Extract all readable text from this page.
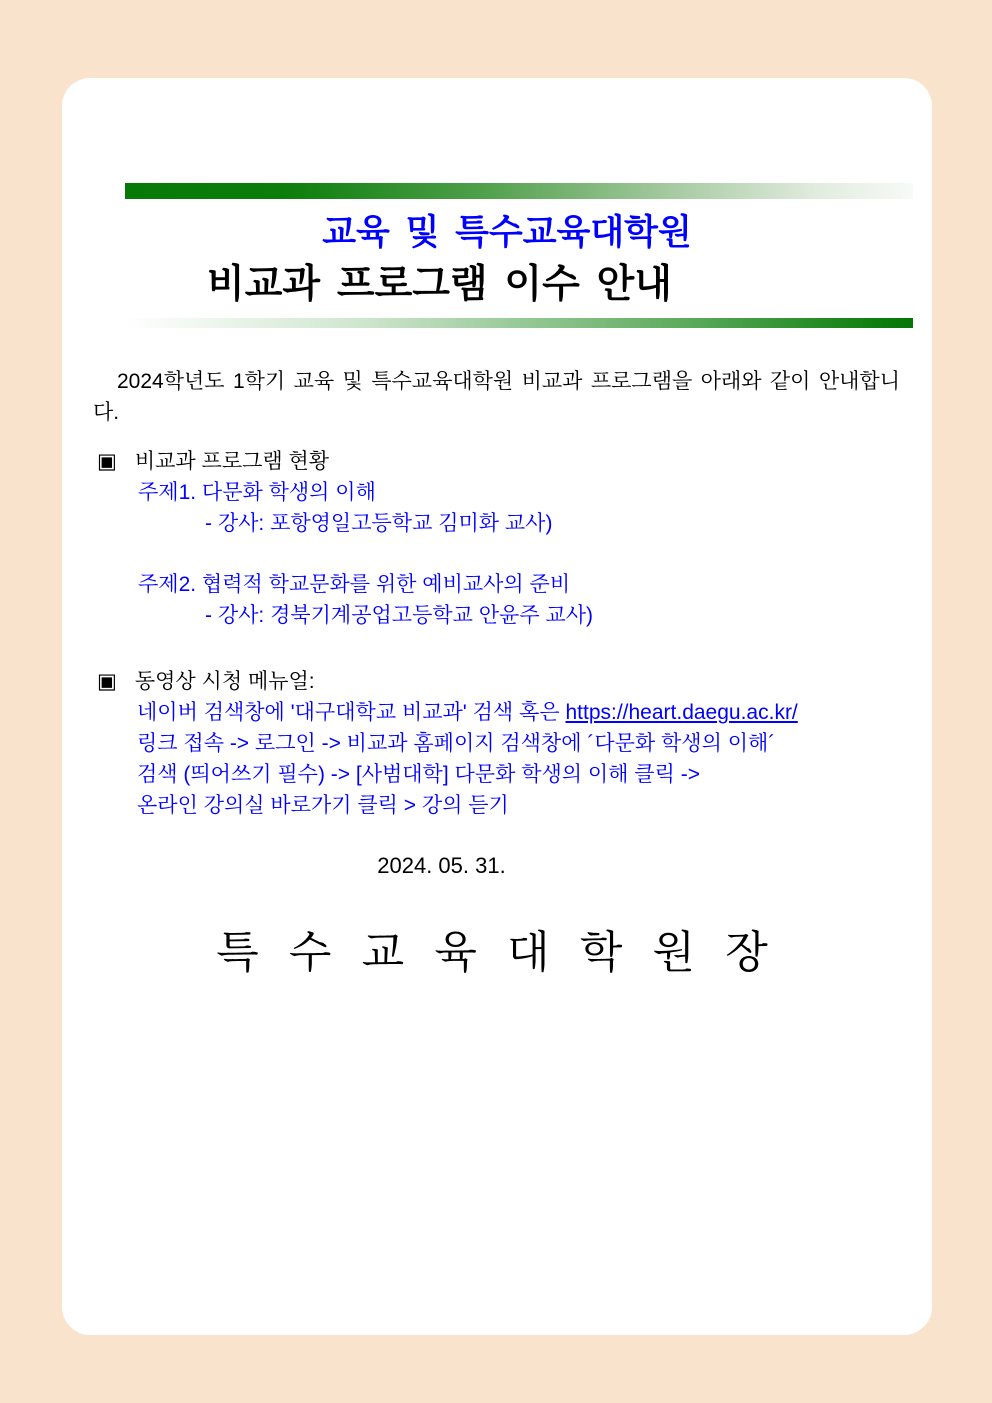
교육 및 특수교육대학원
비교과 프로그램 이수 안내

2024학년도 1학기 교육 및 특수교육대학원 비교과 프로그램을 아래와 같이 안내합니다.

▣ 비교과 프로그램 현황
주제1. 다문화 학생의 이해
- 강사: 포항영일고등학교 김미화 교사)
주제2. 협력적 학교문화를 위한 예비교사의 준비
- 강사: 경북기계공업고등학교 안윤주 교사)
▣ 동영상 시청 메뉴얼:
네이버 검색창에 '대구대학교 비교과' 검색 혹은 https://heart.daegu.ac.kr/
링크 접속 -> 로그인 -> 비교과 홈페이지 검색창에 ´다문화 학생의 이해´
검색 (띄어쓰기 필수) -> [사범대학] 다문화 학생의 이해 클릭 ->
온라인 강의실 바로가기 클릭 > 강의 듣기
2024. 05. 31.
특 수 교 육 대 학 원 장
